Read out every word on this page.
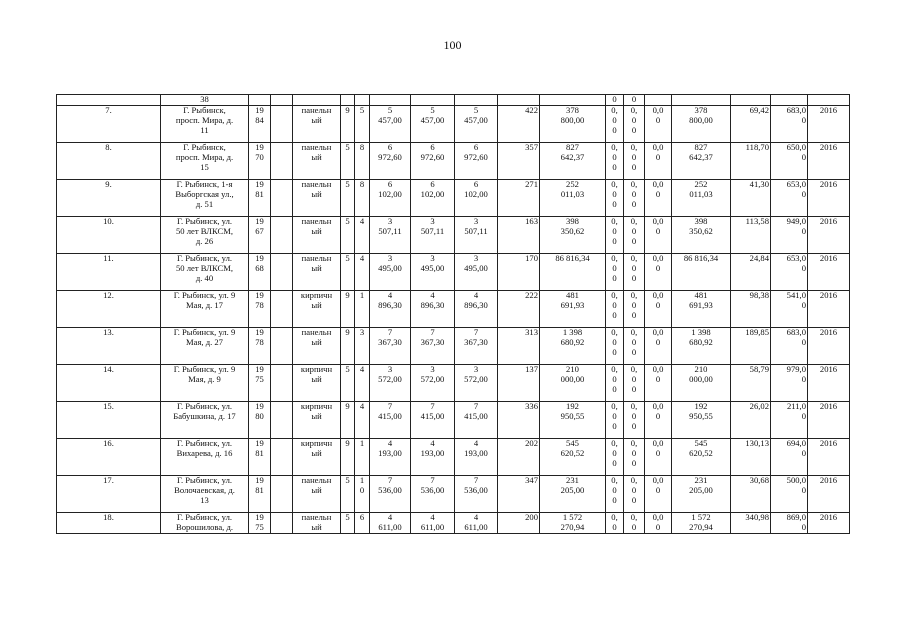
100
	38											0	0					
7.	Г. Рыбинск,
просп. Мира, д.
11	19
84		панельн
ый	9	5	5
457,00	5
457,00	5
457,00	422	378
800,00	0,
0
0	0,
0
0	0,0
0	378
800,00	69,42	683,0
0	2016
8.	Г. Рыбинск,
просп. Мира, д.
15	19
70		панельн
ый	5	8	6
972,60	6
972,60	6
972,60	357	827
642,37	0,
0
0	0,
0
0	0,0
0	827
642,37	118,70	650,0
0	2016
9.	Г. Рыбинск, 1-я
Выборгская ул.,
д. 51	19
81		панельн
ый	5	8	6
102,00	6
102,00	6
102,00	271	252
011,03	0,
0
0	0,
0
0	0,0
0	252
011,03	41,30	653,0
0	2016
10.	Г. Рыбинск, ул.
50 лет ВЛКСМ,
д. 26	19
67		панельн
ый	5	4	3
507,11	3
507,11	3
507,11	163	398
350,62	0,
0
0	0,
0
0	0,0
0	398
350,62	113,58	949,0
0	2016
11.	Г. Рыбинск, ул.
50 лет ВЛКСМ,
д. 40	19
68		панельн
ый	5	4	3
495,00	3
495,00	3
495,00	170	86 816,34	0,
0
0	0,
0
0	0,0
0	86 816,34	24,84	653,0
0	2016
12.	Г. Рыбинск, ул. 9
Мая, д. 17	19
78		кирпичн
ый	9	1	4
896,30	4
896,30	4
896,30	222	481
691,93	0,
0
0	0,
0
0	0,0
0	481
691,93	98,38	541,0
0	2016
13.	Г. Рыбинск, ул. 9
Мая, д. 27	19
78		панельн
ый	9	3	7
367,30	7
367,30	7
367,30	313	1 398
680,92	0,
0
0	0,
0
0	0,0
0	1 398
680,92	189,85	683,0
0	2016
14.	Г. Рыбинск, ул. 9
Мая, д. 9	19
75		кирпичн
ый	5	4	3
572,00	3
572,00	3
572,00	137	210
000,00	0,
0
0	0,
0
0	0,0
0	210
000,00	58,79	979,0
0	2016
15.	Г. Рыбинск, ул.
Бабушкина, д. 17	19
80		кирпичн
ый	9	4	7
415,00	7
415,00	7
415,00	336	192
950,55	0,
0
0	0,
0
0	0,0
0	192
950,55	26,02	211,0
0	2016
16.	Г. Рыбинск, ул.
Вихарева, д. 16	19
81		кирпичн
ый	9	1	4
193,00	4
193,00	4
193,00	202	545
620,52	0,
0
0	0,
0
0	0,0
0	545
620,52	130,13	694,0
0	2016
17.	Г. Рыбинск, ул.
Волочаевская, д.
13	19
81		панельн
ый	5	1
0	7
536,00	7
536,00	7
536,00	347	231
205,00	0,
0
0	0,
0
0	0,0
0	231
205,00	30,68	500,0
0	2016
18.	Г. Рыбинск, ул.
Ворошилова, д.	19
75		панельн
ый	5	6	4
611,00	4
611,00	4
611,00	200	1 572
270,94	0,
0	0,
0	0,0
0	1 572
270,94	340,98	869,0
0	2016
